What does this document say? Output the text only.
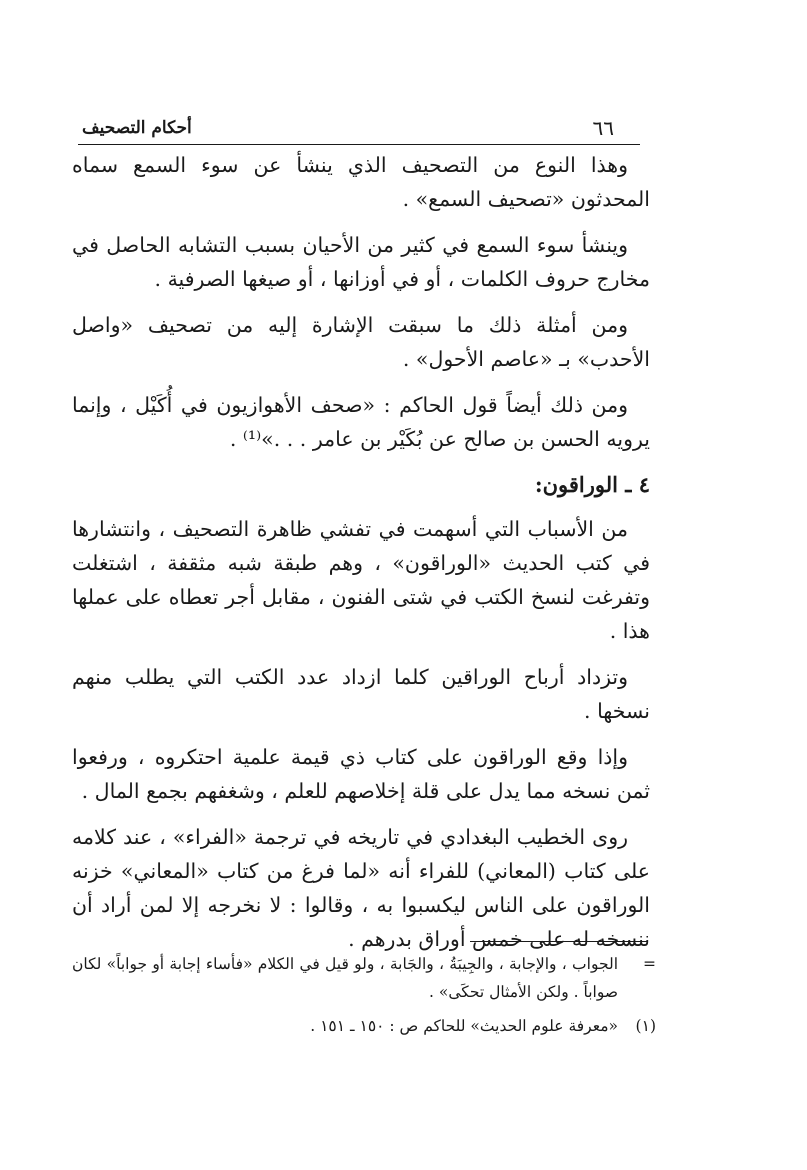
٦٦
أحكام التصحيف

وهذا النوع من التصحيف الذي ينشأ عن سوء السمع سماه المحدثون «تصحيف السمع» .

وينشأ سوء السمع في كثير من الأحيان بسبب التشابه الحاصل في مخارج حروف الكلمات ، أو في أوزانها ، أو صيغها الصرفية .

ومن أمثلة ذلك ما سبقت الإشارة إليه من تصحيف «واصل الأحدب» بـ «عاصم الأحول» .

ومن ذلك أيضاً قول الحاكم : «صحف الأهوازيون في أُكَيْل ، وإنما يرويه الحسن بن صالح عن بُكَيْر بن عامر . . .»⁽¹⁾ .

٤ ـ الوراقون:

من الأسباب التي أسهمت في تفشي ظاهرة التصحيف ، وانتشارها في كتب الحديث «الوراقون» ، وهم طبقة شبه مثقفة ، اشتغلت وتفرغت لنسخ الكتب في شتى الفنون ، مقابل أجر تعطاه على عملها هذا .

وتزداد أرباح الوراقين كلما ازداد عدد الكتب التي يطلب منهم نسخها .

وإذا وقع الوراقون على كتاب ذي قيمة علمية احتكروه ، ورفعوا ثمن نسخه مما يدل على قلة إخلاصهم للعلم ، وشغفهم بجمع المال .

روى الخطيب البغدادي في تاريخه في ترجمة «الفراء» ، عند كلامه على كتاب (المعاني) للفراء أنه «لما فرغ من كتاب «المعاني» خزنه الوراقون على الناس ليكسبوا به ، وقالوا : لا نخرجه إلا لمن أراد أن ننسخه له على خمس أوراق بدرهم .

=
الجواب ، والإجابة ، والجِيبَةُ ، والجَابة ، ولو قيل في الكلام «فأساء إجابة أو جواباً» لكان صواباً . ولكن الأمثال تحكَى» .
(١)
«معرفة علوم الحديث» للحاكم ص : ١٥٠ ـ ١٥١ .
